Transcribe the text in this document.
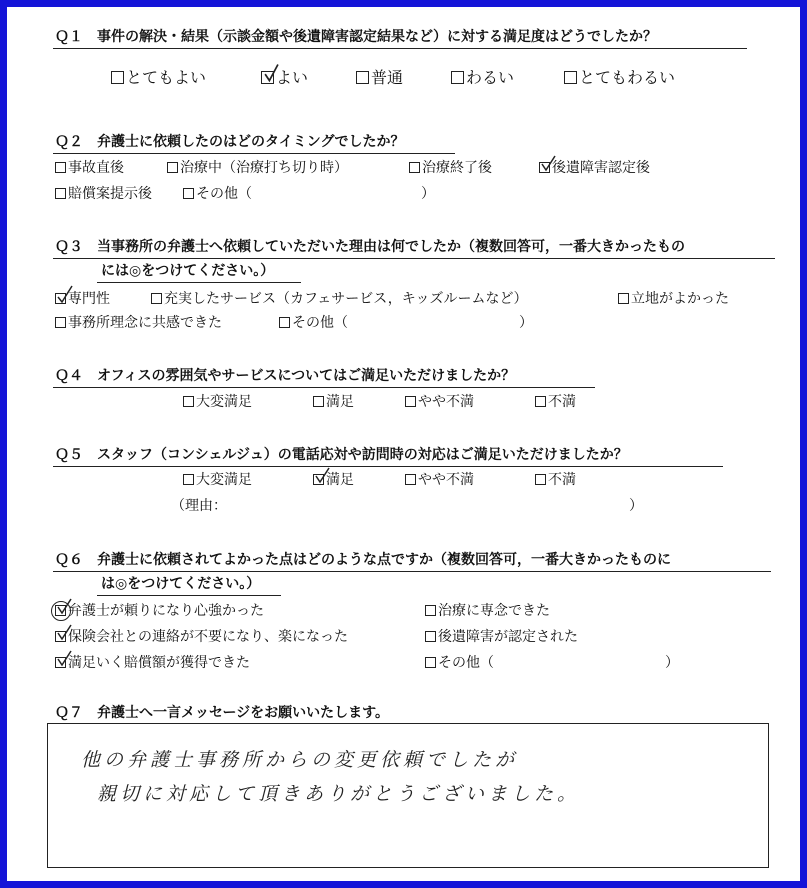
Ｑ１ 事件の解決・結果（示談金額や後遺障害認定結果など）に対する満足度はどうでしたか？
とてもよい	よい	普通	わるい	とてもわるい
Ｑ２ 弁護士に依頼したのはどのタイミングでしたか？
事故直後	治療中（治療打ち切り時）	治療終了後	後遺障害認定後
賠償案提示後	その他（	）
Ｑ３ 当事務所の弁護士へ依頼していただいた理由は何でしたか（複数回答可，一番大きかったもの
には◎をつけてください。）
専門性	充実したサービス（カフェサービス，キッズルームなど）	立地がよかった
事務所理念に共感できた	その他（	）
Ｑ４ オフィスの雰囲気やサービスについてはご満足いただけましたか？
大変満足	満足	やや不満	不満
Ｑ５ スタッフ（コンシェルジュ）の電話応対や訪問時の対応はご満足いただけましたか？
大変満足	満足	やや不満	不満
（理由：	）
Ｑ６ 弁護士に依頼されてよかった点はどのような点ですか（複数回答可，一番大きかったものに
は◎をつけてください。）
弁護士が頼りになり心強かった	治療に専念できた
保険会社との連絡が不要になり、楽になった	後遺障害が認定された
満足いく賠償額が獲得できた	その他（	）
Ｑ７ 弁護士へ一言メッセージをお願いいたします。
他の弁護士事務所からの変更依頼でしたが
親切に対応して頂きありがとうございました。
